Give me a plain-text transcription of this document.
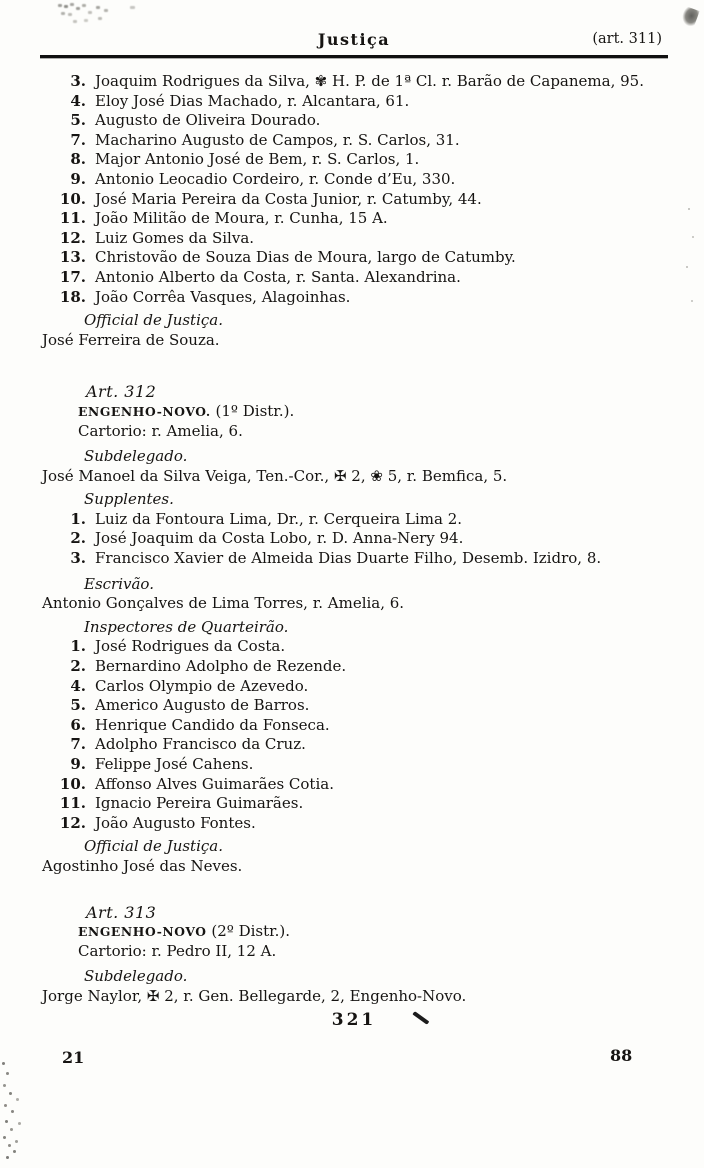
Justiça	(art. 311)
3. Joaquim Rodrigues da Silva, ✾ H. P. de 1ª Cl. r. Barão de Capanema, 95.
4. Eloy José Dias Machado, r. Alcantara, 61.
5. Augusto de Oliveira Dourado.
7. Macharino Augusto de Campos, r. S. Carlos, 31.
8. Major Antonio José de Bem, r. S. Carlos, 1.
9. Antonio Leocadio Cordeiro, r. Conde d’Eu, 330.
10. José Maria Pereira da Costa Junior, r. Catumby, 44.
11. João Militão de Moura, r. Cunha, 15 A.
12. Luiz Gomes da Silva.
13. Christovão de Souza Dias de Moura, largo de Catumby.
17. Antonio Alberto da Costa, r. Santa. Alexandrina.
18. João Corrêa Vasques, Alagoinhas.
Official de Justiça.
José Ferreira de Souza.
Art. 312
ENGENHO-NOVO. (1º Distr.).
Cartorio: r. Amelia, 6.
Subdelegado.
José Manoel da Silva Veiga, Ten.-Cor., ✠ 2, ❀ 5, r. Bemfica, 5.
Supplentes.
1. Luiz da Fontoura Lima, Dr., r. Cerqueira Lima 2.
2. José Joaquim da Costa Lobo, r. D. Anna-Nery 94.
3. Francisco Xavier de Almeida Dias Duarte Filho, Desemb. Izidro, 8.
Escrivão.
Antonio Gonçalves de Lima Torres, r. Amelia, 6.
Inspectores de Quarteirão.
1. José Rodrigues da Costa.
2. Bernardino Adolpho de Rezende.
4. Carlos Olympio de Azevedo.
5. Americo Augusto de Barros.
6. Henrique Candido da Fonseca.
7. Adolpho Francisco da Cruz.
9. Felippe José Cahens.
10. Affonso Alves Guimarães Cotia.
11. Ignacio Pereira Guimarães.
12. João Augusto Fontes.
Official de Justiça.
Agostinho José das Neves.
Art. 313
ENGENHO-NOVO (2º Distr.).
Cartorio: r. Pedro II, 12 A.
Subdelegado.
Jorge Naylor, ✠ 2, r. Gen. Bellegarde, 2, Engenho-Novo.
321
21	88
